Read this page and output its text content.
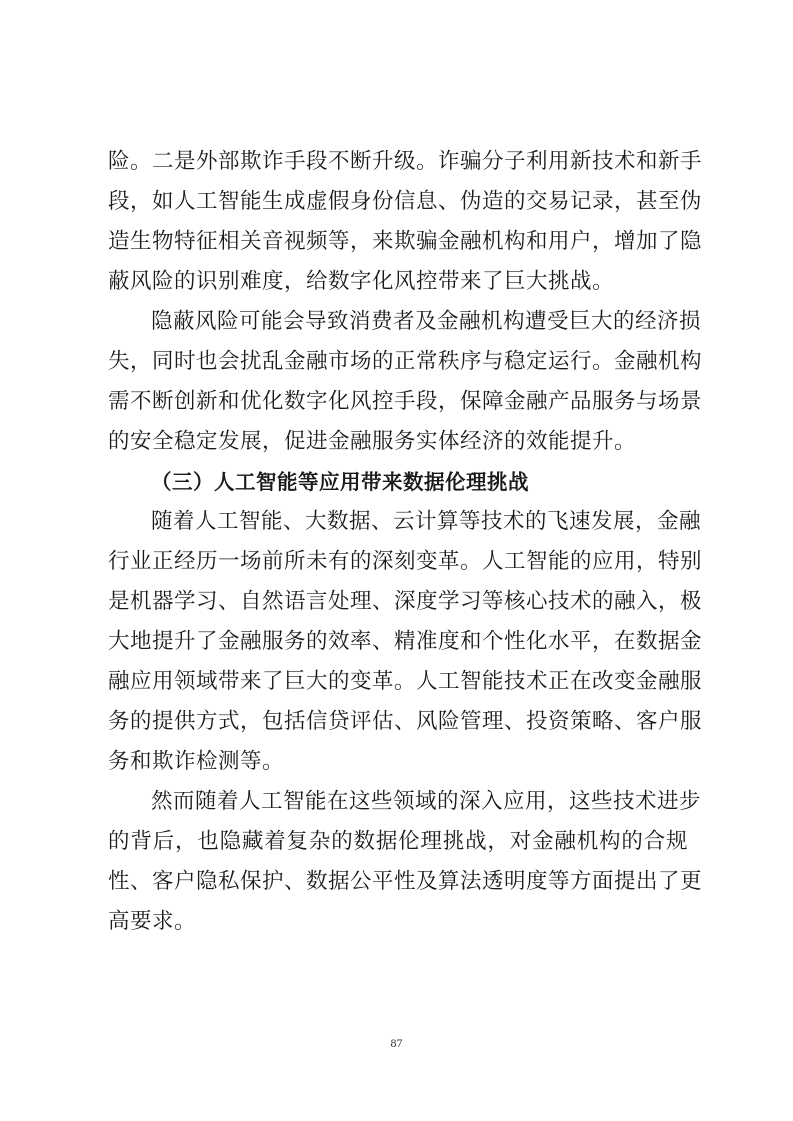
险。二是外部欺诈手段不断升级。诈骗分子利用新技术和新手
段，如人工智能生成虚假身份信息、伪造的交易记录，甚至伪
造生物特征相关音视频等，来欺骗金融机构和用户，增加了隐
蔽风险的识别难度，给数字化风控带来了巨大挑战。
隐蔽风险可能会导致消费者及金融机构遭受巨大的经济损
失，同时也会扰乱金融市场的正常秩序与稳定运行。金融机构
需不断创新和优化数字化风控手段，保障金融产品服务与场景
的安全稳定发展，促进金融服务实体经济的效能提升。
（三）人工智能等应用带来数据伦理挑战
随着人工智能、大数据、云计算等技术的飞速发展，金融
行业正经历一场前所未有的深刻变革。人工智能的应用，特别
是机器学习、自然语言处理、深度学习等核心技术的融入，极
大地提升了金融服务的效率、精准度和个性化水平，在数据金
融应用领域带来了巨大的变革。人工智能技术正在改变金融服
务的提供方式，包括信贷评估、风险管理、投资策略、客户服
务和欺诈检测等。
然而随着人工智能在这些领域的深入应用，这些技术进步
的背后，也隐藏着复杂的数据伦理挑战，对金融机构的合规
性、客户隐私保护、数据公平性及算法透明度等方面提出了更
高要求。
87
